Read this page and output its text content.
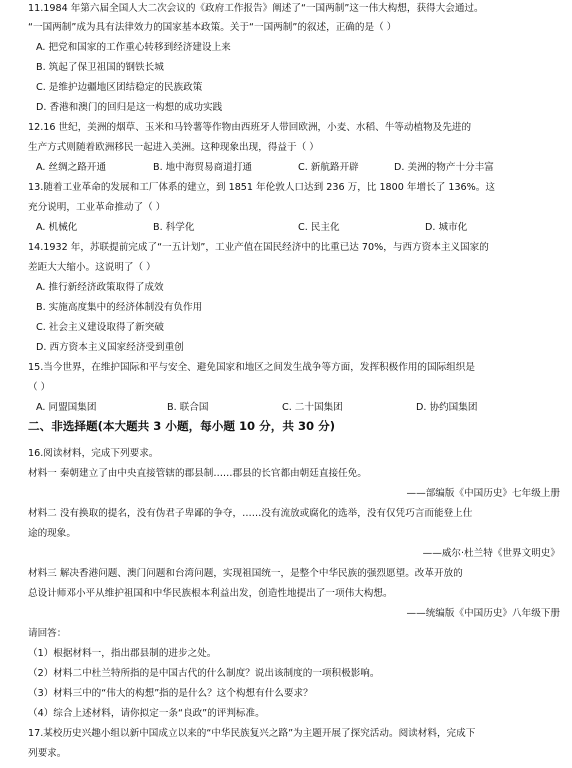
11.1984 年第六届全国人大二次会议的《政府工作报告》阐述了“一国两制”这一伟大构想，获得大会通过。
“一国两制”成为具有法律效力的国家基本政策。关于“一国两制”的叙述，正确的是（ ）
A. 把党和国家的工作重心转移到经济建设上来
B. 筑起了保卫祖国的钢铁长城
C. 是维护边疆地区团结稳定的民族政策
D. 香港和澳门的回归是这一构想的成功实践
12.16 世纪，美洲的烟草、玉米和马铃薯等作物由西班牙人带回欧洲，小麦、水稻、牛等动植物及先进的
生产方式则随着欧洲移民一起进入美洲。这种现象出现，得益于（ ）
A. 丝绸之路开通	B. 地中海贸易商道打通	C. 新航路开辟	D. 美洲的物产十分丰富
13.随着工业革命的发展和工厂体系的建立，到 1851 年伦敦人口达到 236 万，比 1800 年增长了 136%。这
充分说明，工业革命推动了（ ）
A. 机械化	B. 科学化	C. 民主化	D. 城市化
14.1932 年，苏联提前完成了“一五计划”，工业产值在国民经济中的比重已达 70%，与西方资本主义国家的
差距大大缩小。这说明了（ ）
A. 推行新经济政策取得了成效
B. 实施高度集中的经济体制没有负作用
C. 社会主义建设取得了新突破
D. 西方资本主义国家经济受到重创
15.当今世界，在维护国际和平与安全、避免国家和地区之间发生战争等方面，发挥积极作用的国际组织是
（ ）
A. 同盟国集团	B. 联合国	C. 二十国集团	D. 协约国集团
二、非选择题(本大题共 3 小题，每小题 10 分，共 30 分)
16.阅读材料，完成下列要求。
材料一 秦朝建立了由中央直接管辖的郡县制……郡县的长官都由朝廷直接任免。
——部编版《中国历史》七年级上册
材料二 没有换取的提名，没有伪君子卑鄙的争夺，……没有流放或腐化的选举，没有仅凭巧言而能登上仕
途的现象。
——威尔·杜兰特《世界文明史》
材料三 解决香港问题、澳门问题和台湾问题，实现祖国统一，是整个中华民族的强烈愿望。改革开放的
总设计师邓小平从维护祖国和中华民族根本利益出发，创造性地提出了一项伟大构想。
——统编版《中国历史》八年级下册
请回答：
（1）根据材料一，指出郡县制的进步之处。
（2）材料二中杜兰特所指的是中国古代的什么制度？说出该制度的一项积极影响。
（3）材料三中的“伟大的构想”指的是什么？这个构想有什么要求？
（4）综合上述材料，请你拟定一条“良政”的评判标准。
17.某校历史兴趣小组以新中国成立以来的“中华民族复兴之路”为主题开展了探究活动。阅读材料，完成下
列要求。
